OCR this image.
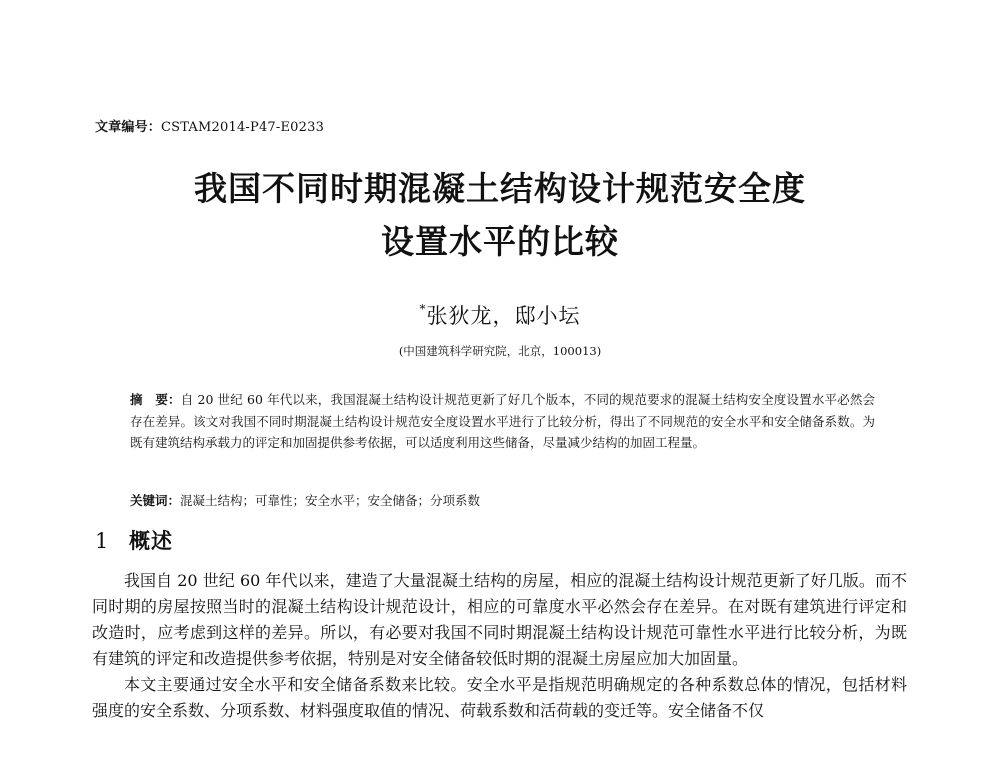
文章编号：CSTAM2014-P47-E0233
我国不同时期混凝土结构设计规范安全度
设置水平的比较
*张狄龙，邸小坛
(中国建筑科学研究院，北京，100013)
摘　要：自 20 世纪 60 年代以来，我国混凝土结构设计规范更新了好几个版本，不同的规范要求的混凝土结构安全度设置水平必然会存在差异。该文对我国不同时期混凝土结构设计规范安全度设置水平进行了比较分析，得出了不同规范的安全水平和安全储备系数。为既有建筑结构承载力的评定和加固提供参考依据，可以适度利用这些储备，尽量减少结构的加固工程量。
关键词：混凝土结构；可靠性；安全水平；安全储备；分项系数
1 概述

我国自 20 世纪 60 年代以来，建造了大量混凝土结构的房屋，相应的混凝土结构设计规范更新了好几版。而不同时期的房屋按照当时的混凝土结构设计规范设计，相应的可靠度水平必然会存在差异。在对既有建筑进行评定和改造时，应考虑到这样的差异。所以，有必要对我国不同时期混凝土结构设计规范可靠性水平进行比较分析，为既有建筑的评定和改造提供参考依据，特别是对安全储备较低时期的混凝土房屋应加大加固量。

本文主要通过安全水平和安全储备系数来比较。安全水平是指规范明确规定的各种系数总体的情况，包括材料强度的安全系数、分项系数、材料强度取值的情况、荷载系数和活荷载的变迁等。安全储备不仅
